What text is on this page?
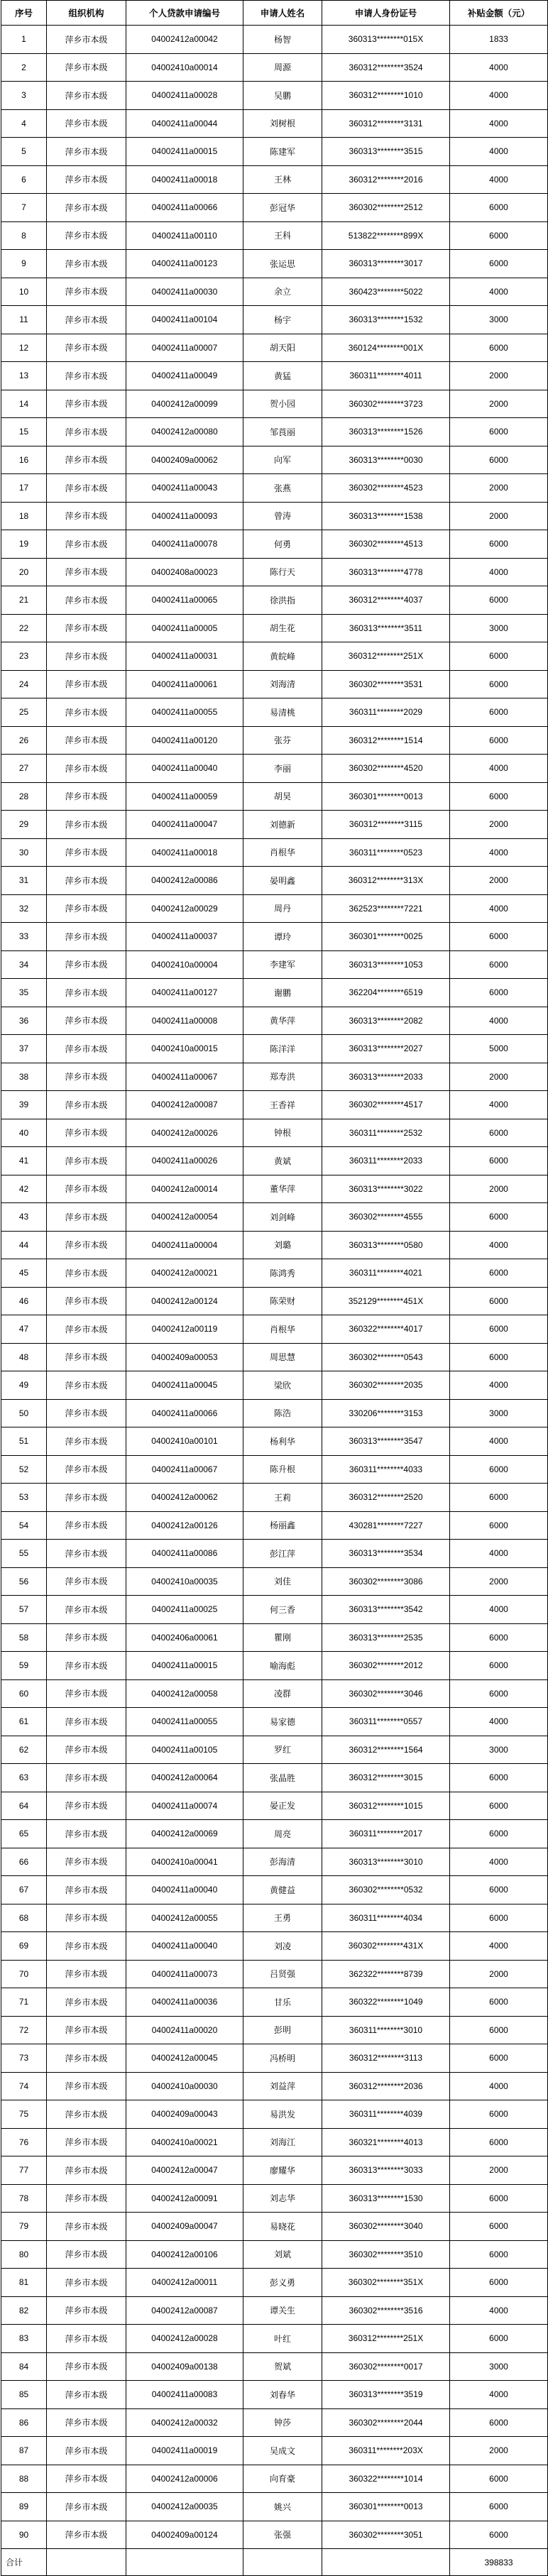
序号	组织机构	个人贷款申请编号	申请人姓名	申请人身份证号	补贴金额（元）
1	萍乡市本级	04002412a00042	杨智	360313********015X	1833
2	萍乡市本级	04002410a00014	周源	360312********3524	4000
3	萍乡市本级	04002411a00028	吴鹏	360312********1010	4000
4	萍乡市本级	04002411a00044	刘树根	360312********3131	4000
5	萍乡市本级	04002411a00015	陈建军	360313********3515	4000
6	萍乡市本级	04002411a00018	王林	360312********2016	4000
7	萍乡市本级	04002411a00066	彭冠华	360302********2512	6000
8	萍乡市本级	04002411a00110	王科	513822********899X	6000
9	萍乡市本级	04002411a00123	张运思	360313********3017	6000
10	萍乡市本级	04002411a00030	余立	360423********5022	4000
11	萍乡市本级	04002411a00104	杨宇	360313********1532	3000
12	萍乡市本级	04002411a00007	胡天阳	360124********001X	6000
13	萍乡市本级	04002411a00049	黄猛	360311********4011	2000
14	萍乡市本级	04002412a00099	贺小园	360302********3723	2000
15	萍乡市本级	04002412a00080	邹莨丽	360313********1526	6000
16	萍乡市本级	04002409a00062	向军	360313********0030	6000
17	萍乡市本级	04002411a00043	张燕	360302********4523	2000
18	萍乡市本级	04002411a00093	曾涛	360313********1538	2000
19	萍乡市本级	04002411a00078	何勇	360302********4513	6000
20	萍乡市本级	04002408a00023	陈行天	360313********4778	4000
21	萍乡市本级	04002411a00065	徐洪指	360312********4037	6000
22	萍乡市本级	04002411a00005	胡生花	360313********3511	3000
23	萍乡市本级	04002411a00031	黄皖峰	360312********251X	6000
24	萍乡市本级	04002411a00061	刘海清	360302********3531	6000
25	萍乡市本级	04002411a00055	易清桃	360311********2029	6000
26	萍乡市本级	04002411a00120	张芬	360312********1514	6000
27	萍乡市本级	04002411a00040	李丽	360302********4520	4000
28	萍乡市本级	04002411a00059	胡昊	360301********0013	6000
29	萍乡市本级	04002411a00047	刘德新	360312********3115	2000
30	萍乡市本级	04002411a00018	肖根华	360311********0523	4000
31	萍乡市本级	04002412a00086	晏明鑫	360312********313X	2000
32	萍乡市本级	04002412a00029	周丹	362523********7221	4000
33	萍乡市本级	04002411a00037	谭玲	360301********0025	6000
34	萍乡市本级	04002410a00004	李建军	360313********1053	6000
35	萍乡市本级	04002411a00127	谢鹏	362204********6519	6000
36	萍乡市本级	04002411a00008	黄华萍	360313********2082	4000
37	萍乡市本级	04002410a00015	陈洋洋	360313********2027	5000
38	萍乡市本级	04002411a00067	郑寿洪	360313********2033	2000
39	萍乡市本级	04002412a00087	王香祥	360302********4517	4000
40	萍乡市本级	04002412a00026	钟根	360311********2532	6000
41	萍乡市本级	04002411a00026	黄斌	360311********2033	6000
42	萍乡市本级	04002412a00014	董华萍	360313********3022	2000
43	萍乡市本级	04002412a00054	刘剑峰	360302********4555	6000
44	萍乡市本级	04002411a00004	刘璐	360313********0580	4000
45	萍乡市本级	04002412a00021	陈鸿秀	360311********4021	6000
46	萍乡市本级	04002412a00124	陈荣财	352129********451X	6000
47	萍乡市本级	04002412a00119	肖根华	360322********4017	6000
48	萍乡市本级	04002409a00053	周思慧	360302********0543	6000
49	萍乡市本级	04002411a00045	梁欣	360302********2035	4000
50	萍乡市本级	04002411a00066	陈浩	330206********3153	3000
51	萍乡市本级	04002410a00101	杨利华	360313********3547	4000
52	萍乡市本级	04002411a00067	陈升根	360311********4033	6000
53	萍乡市本级	04002412a00062	王莉	360312********2520	6000
54	萍乡市本级	04002412a00126	杨丽鑫	430281********7227	6000
55	萍乡市本级	04002411a00086	彭江萍	360313********3534	4000
56	萍乡市本级	04002410a00035	刘佳	360302********3086	2000
57	萍乡市本级	04002411a00025	何三香	360313********3542	4000
58	萍乡市本级	04002406a00061	瞿刚	360313********2535	6000
59	萍乡市本级	04002411a00015	喻海彪	360302********2012	6000
60	萍乡市本级	04002412a00058	凌群	360302********3046	6000
61	萍乡市本级	04002411a00055	易家德	360311********0557	4000
62	萍乡市本级	04002411a00105	罗红	360312********1564	3000
63	萍乡市本级	04002412a00064	张晶胜	360312********3015	6000
64	萍乡市本级	04002411a00074	晏正发	360312********1015	6000
65	萍乡市本级	04002412a00069	周亮	360311********2017	6000
66	萍乡市本级	04002410a00041	彭海清	360313********3010	4000
67	萍乡市本级	04002411a00040	黄健益	360302********0532	6000
68	萍乡市本级	04002412a00055	王勇	360311********4034	6000
69	萍乡市本级	04002411a00040	刘凌	360302********431X	4000
70	萍乡市本级	04002411a00073	吕贤强	362322********8739	2000
71	萍乡市本级	04002411a00036	甘乐	360322********1049	6000
72	萍乡市本级	04002411a00020	彭明	360311********3010	6000
73	萍乡市本级	04002412a00045	冯桥明	360312********3113	6000
74	萍乡市本级	04002410a00030	刘益萍	360312********2036	4000
75	萍乡市本级	04002409a00043	易洪发	360311********4039	6000
76	萍乡市本级	04002410a00021	刘海江	360321********4013	6000
77	萍乡市本级	04002412a00047	廖耀华	360313********3033	2000
78	萍乡市本级	04002412a00091	刘志华	360313********1530	6000
79	萍乡市本级	04002409a00047	易晓花	360302********3040	6000
80	萍乡市本级	04002412a00106	刘斌	360302********3510	6000
81	萍乡市本级	04002412a00011	彭义勇	360302********351X	6000
82	萍乡市本级	04002412a00087	谭关生	360302********3516	4000
83	萍乡市本级	04002412a00028	叶红	360312********251X	6000
84	萍乡市本级	04002409a00138	贺斌	360302********0017	3000
85	萍乡市本级	04002411a00083	刘春华	360313********3519	4000
86	萍乡市本级	04002412a00032	钟莎	360302********2044	6000
87	萍乡市本级	04002411a00019	吴成文	360311********203X	2000
88	萍乡市本级	04002412a00006	向育豪	360322********1014	6000
89	萍乡市本级	04002412a00035	姚兴	360301********0013	6000
90	萍乡市本级	04002409a00124	张强	360302********3051	6000
合计					398833
